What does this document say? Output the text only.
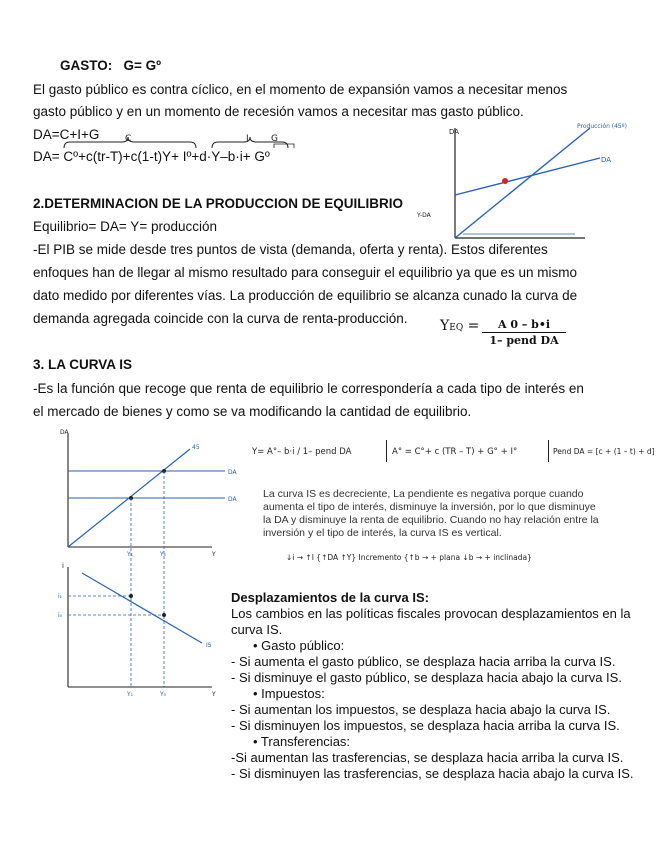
GASTO: G= Gº
El gasto público es contra cíclico, en el momento de expansión vamos a necesitar menos
gasto público y en un momento de recesión vamos a necesitar mas gasto público.
DA=C+I+G	C	I G
DA= Cº+c(tr-T)+c(1-t)Y+ Iº+d·Y–b·i+ Gº
DA
Producción (45º)
DA
Y-DA
2.DETERMINACION DE LA PRODUCCION DE EQUILIBRIO
Equilibrio= DA= Y= producción
-El PIB se mide desde tres puntos de vista (demanda, oferta y renta). Estos diferentes
enfoques han de llegar al mismo resultado para conseguir el equilibrio ya que es un mismo
dato medido por diferentes vías. La producción de equilibrio se alcanza cunado la curva de
demanda agregada coincide con la curva de renta-producción. YEQ =	A 0 – b•i
1– pend DA
3. LA CURVA IS
-Es la función que recoge que renta de equilibrio le correspondería a cada tipo de interés en
el mercado de bienes y como se va modificando la cantidad de equilibrio.
Y= A°– b·i / 1– pend DA	A° = C°+ c (TR – T) + G° + I°	Pend DA = [c + (1 – t) + d]
La curva IS es decreciente, La pendiente es negativa porque cuando
aumenta el tipo de interés, disminuye la inversión, por lo que disminuye
la DA y disminuye la renta de equilibrio. Cuando no hay relación entre la
inversión y el tipo de interés, la curva IS es vertical.
↓i → ↑I {↑DA ↑Y} Incremento {↑b → + plana ↓b → + inclinada}
DA
45
DA
DA
Y₁	Y₀	Y
i
IS
i₁
i₀
Y₁	Y₀	Y
Desplazamientos de la curva IS:
Los cambios en las políticas fiscales provocan desplazamientos en la
curva IS.
• Gasto público:
- Si aumenta el gasto público, se desplaza hacia arriba la curva IS.
- Si disminuye el gasto público, se desplaza hacia abajo la curva IS.
• Impuestos:
- Si aumentan los impuestos, se desplaza hacia abajo la curva IS.
- Si disminuyen los impuestos, se desplaza hacia arriba la curva IS.
• Transferencias:
-Si aumentan las trasferencias, se desplaza hacia arriba la curva IS.
- Si disminuyen las trasferencias, se desplaza hacia abajo la curva IS.
